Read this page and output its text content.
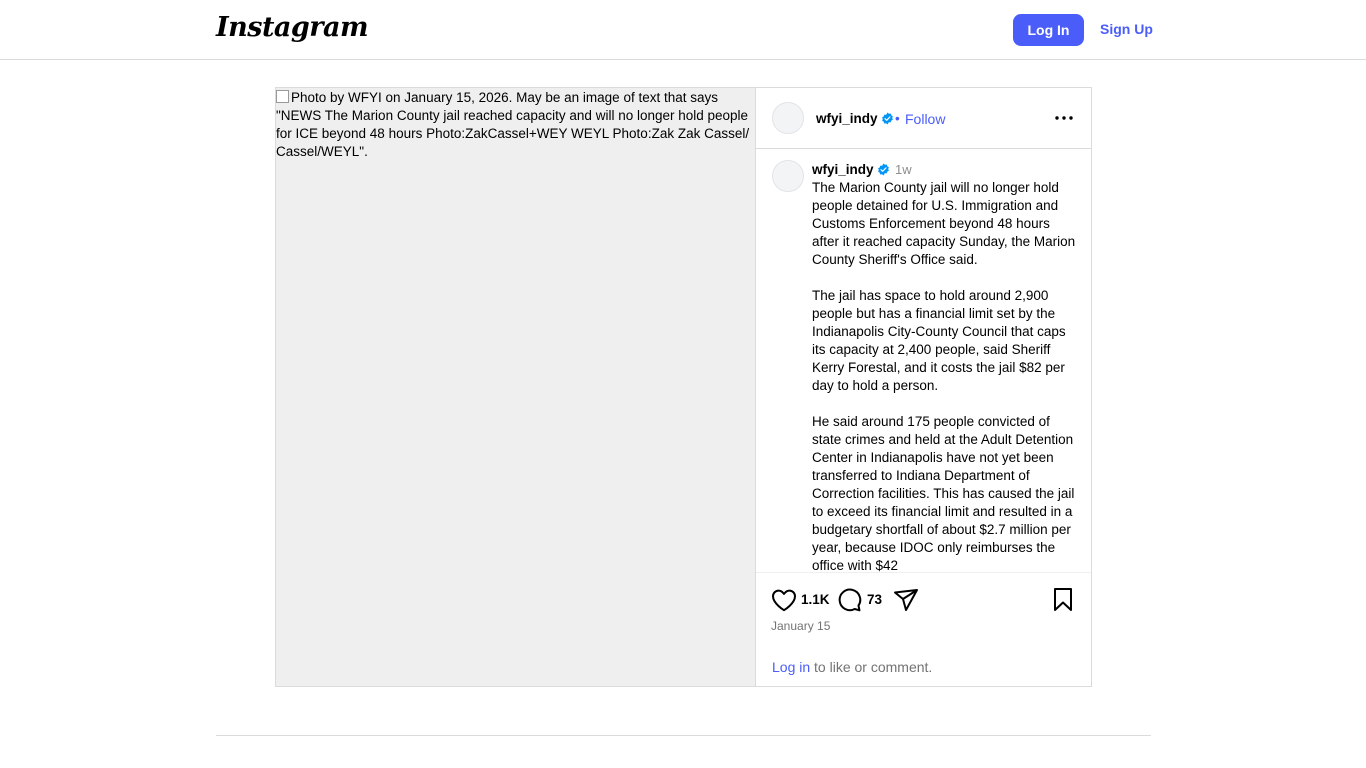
Instagram	Log In	Sign Up
Photo by WFYI on January 15, 2026. May be an image of text that says "NEWS The Marion County jail reached capacity and will no longer hold people for ICE beyond 48 hours Photo:ZakCassel+WEY WEYL Photo:Zak Zak Cassel/ Cassel/WEYL".
wfyi_indy	• Follow
wfyi_indy	1w

The Marion County jail will no longer hold people detained for U.S. Immigration and Customs Enforcement beyond 48 hours after it reached capacity Sunday, the Marion County Sheriff's Office said.

The jail has space to hold around 2,900 people but has a financial limit set by the Indianapolis City-County Council that caps its capacity at 2,400 people, said Sheriff Kerry Forestal, and it costs the jail $82 per day to hold a person.

He said around 175 people convicted of state crimes and held at the Adult Detention Center in Indianapolis have not yet been transferred to Indiana Department of Correction facilities. This has caused the jail to exceed its financial limit and resulted in a budgetary shortfall of about $2.7 million per year, because IDOC only reimburses the office with $42

1.1K	73
January 15
Log in to like or comment.
